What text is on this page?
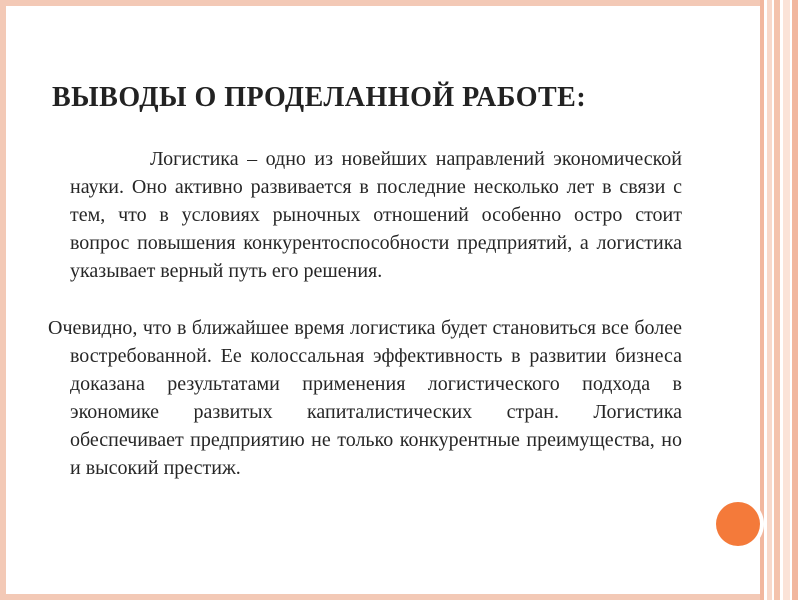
ВЫВОДЫ О ПРОДЕЛАННОЙ РАБОТЕ:

Логистика – одно из новейших направлений экономической науки. Оно активно развивается в последние несколько лет в связи с тем, что в условиях рыночных отношений особенно остро стоит вопрос повышения конкурентоспособности предприятий, а логистика указывает верный путь его решения.

Очевидно, что в ближайшее время логистика будет становиться все более востребованной. Ее колоссальная эффективность в развитии бизнеса доказана результатами применения логистического подхода в экономике развитых капиталистических стран. Логистика обеспечивает предприятию не только конкурентные преимущества, но и высокий престиж.
